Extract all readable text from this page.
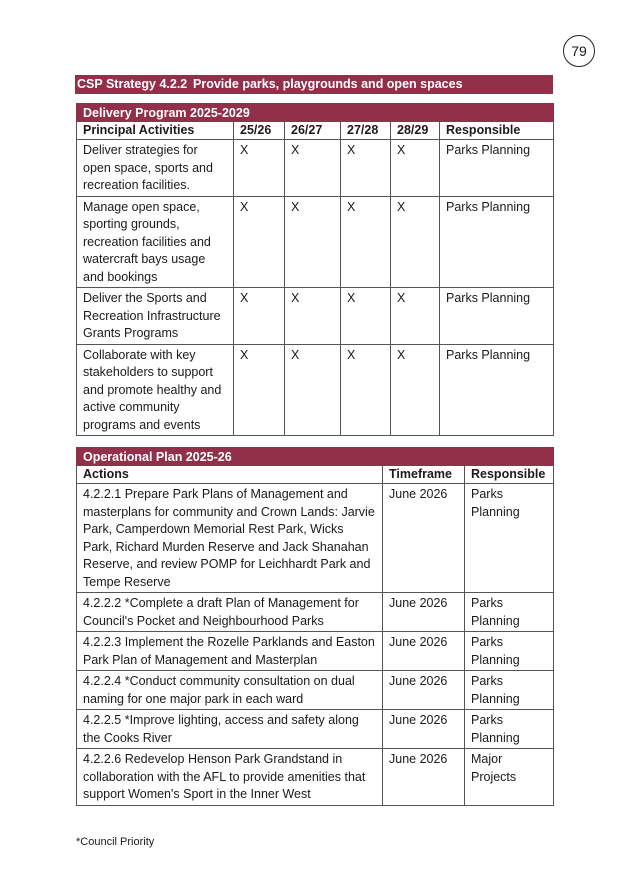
79
CSP Strategy 4.2.2 Provide parks, playgrounds and open spaces
Delivery Program 2025-2029					
Principal Activities	25/26	26/27	27/28	28/29	Responsible
Deliver strategies for open space, sports and recreation facilities.	X	X	X	X	Parks Planning
Manage open space, sporting grounds, recreation facilities and watercraft bays usage and bookings	X	X	X	X	Parks Planning
Deliver the Sports and Recreation Infrastructure Grants Programs	X	X	X	X	Parks Planning
Collaborate with key stakeholders to support and promote healthy and active community programs and events	X	X	X	X	Parks Planning
Operational Plan 2025-26		
Actions	Timeframe	Responsible
4.2.2.1 Prepare Park Plans of Management and masterplans for community and Crown Lands: Jarvie Park, Camperdown Memorial Rest Park, Wicks Park, Richard Murden Reserve and Jack Shanahan Reserve, and review POMP for Leichhardt Park and Tempe Reserve	June 2026	Parks Planning
4.2.2.2 *Complete a draft Plan of Management for Council's Pocket and Neighbourhood Parks	June 2026	Parks Planning
4.2.2.3 Implement the Rozelle Parklands and Easton Park Plan of Management and Masterplan	June 2026	Parks Planning
4.2.2.4 *Conduct community consultation on dual naming for one major park in each ward	June 2026	Parks Planning
4.2.2.5 *Improve lighting, access and safety along the Cooks River	June 2026	Parks Planning
4.2.2.6 Redevelop Henson Park Grandstand in collaboration with the AFL to provide amenities that support Women's Sport in the Inner West	June 2026	Major Projects
*Council Priority
